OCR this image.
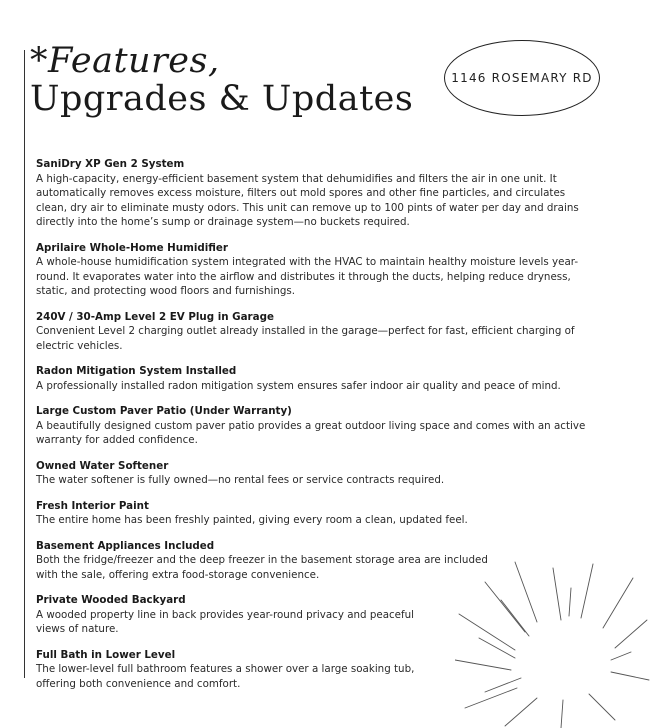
*Features,
Upgrades & Updates
1146 ROSEMARY RD
SaniDry XP Gen 2 System
A high-capacity, energy-efficient basement system that dehumidifies and filters the air in one unit. It automatically removes excess moisture, filters out mold spores and other fine particles, and circulates clean, dry air to eliminate musty odors. This unit can remove up to 100 pints of water per day and drains directly into the home’s sump or drainage system—no buckets required.
Aprilaire Whole-Home Humidifier
A whole-house humidification system integrated with the HVAC to maintain healthy moisture levels year-round. It evaporates water into the airflow and distributes it through the ducts, helping reduce dryness, static, and protecting wood floors and furnishings.
240V / 30-Amp Level 2 EV Plug in Garage
Convenient Level 2 charging outlet already installed in the garage—perfect for fast, efficient charging of electric vehicles.
Radon Mitigation System Installed
A professionally installed radon mitigation system ensures safer indoor air quality and peace of mind.
Large Custom Paver Patio (Under Warranty)
A beautifully designed custom paver patio provides a great outdoor living space and comes with an active warranty for added confidence.
Owned Water Softener
The water softener is fully owned—no rental fees or service contracts required.
Fresh Interior Paint
The entire home has been freshly painted, giving every room a clean, updated feel.
Basement Appliances Included
Both the fridge/freezer and the deep freezer in the basement storage area are included with the sale, offering extra food-storage convenience.
Private Wooded Backyard
A wooded property line in back provides year-round privacy and peaceful views of nature.
Full Bath in Lower Level
The lower-level full bathroom features a shower over a large soaking tub, offering both convenience and comfort.
